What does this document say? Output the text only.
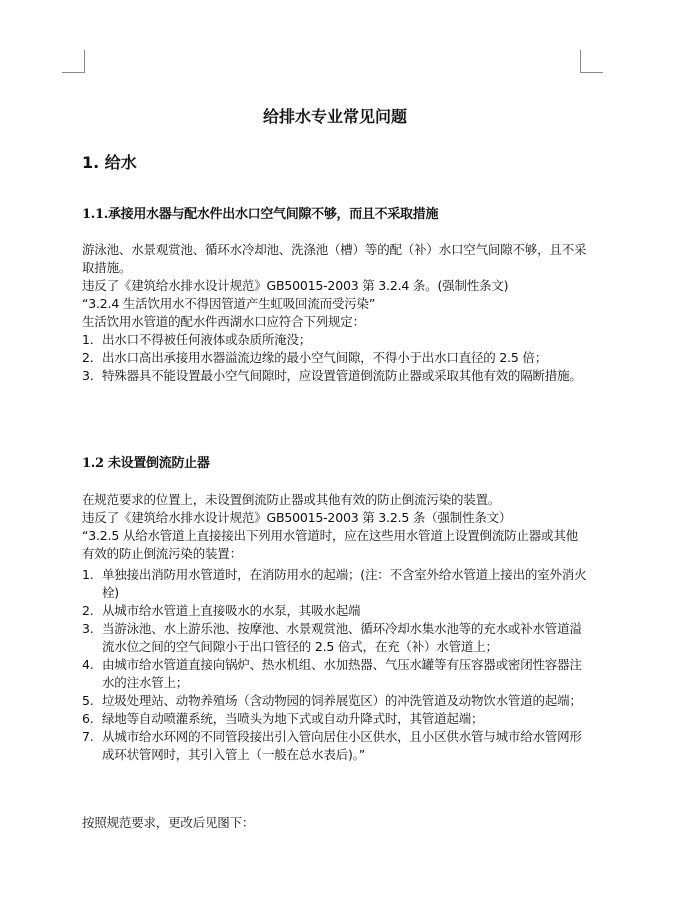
给排水专业常见问题
1. 给水
1.1.承接用水器与配水件出水口空气间隙不够，而且不采取措施

游泳池、水景观赏池、循环水冷却池、洗涤池（槽）等的配（补）水口空气间隙不够，且不采取措施。

违反了《建筑给水排水设计规范》GB50015-2003 第 3.2.4 条。(强制性条文)

“3.2.4 生活饮用水不得因管道产生虹吸回流而受污染”

生活饮用水管道的配水件西湖水口应符合下列规定：

1. 出水口不得被任何液体或杂质所淹没；
2. 出水口高出承接用水器溢流边缘的最小空气间隙，不得小于出水口直径的 2.5 倍；
3. 特殊器具不能设置最小空气间隙时，应设置管道倒流防止器或采取其他有效的隔断措施。
1.2 未设置倒流防止器

在规范要求的位置上，未设置倒流防止器或其他有效的防止倒流污染的装置。

违反了《建筑给水排水设计规范》GB50015-2003 第 3.2.5 条（强制性条文）

“3.2.5 从给水管道上直接接出下列用水管道时，应在这些用水管道上设置倒流防止器或其他有效的防止倒流污染的装置：

1. 单独接出消防用水管道时，在消防用水的起端；(注：不含室外给水管道上接出的室外消火栓)
2. 从城市给水管道上直接吸水的水泵，其吸水起端
3. 当游泳池、水上游乐池、按摩池、水景观赏池、循环冷却水集水池等的充水或补水管道溢流水位之间的空气间隙小于出口管径的 2.5 倍式，在充（补）水管道上；
4. 由城市给水管道直接向锅炉、热水机组、水加热器、气压水罐等有压容器或密闭性容器注水的注水管上；
5. 垃圾处理站、动物养殖场（含动物园的饲养展览区）的冲洗管道及动物饮水管道的起端；
6. 绿地等自动喷灌系统，当喷头为地下式或自动升降式时，其管道起端；
7. 从城市给水环网的不同管段接出引入管向居住小区供水，且小区供水管与城市给水管网形成环状管网时，其引入管上（一般在总水表后)。”

按照规范要求，更改后见图下：
